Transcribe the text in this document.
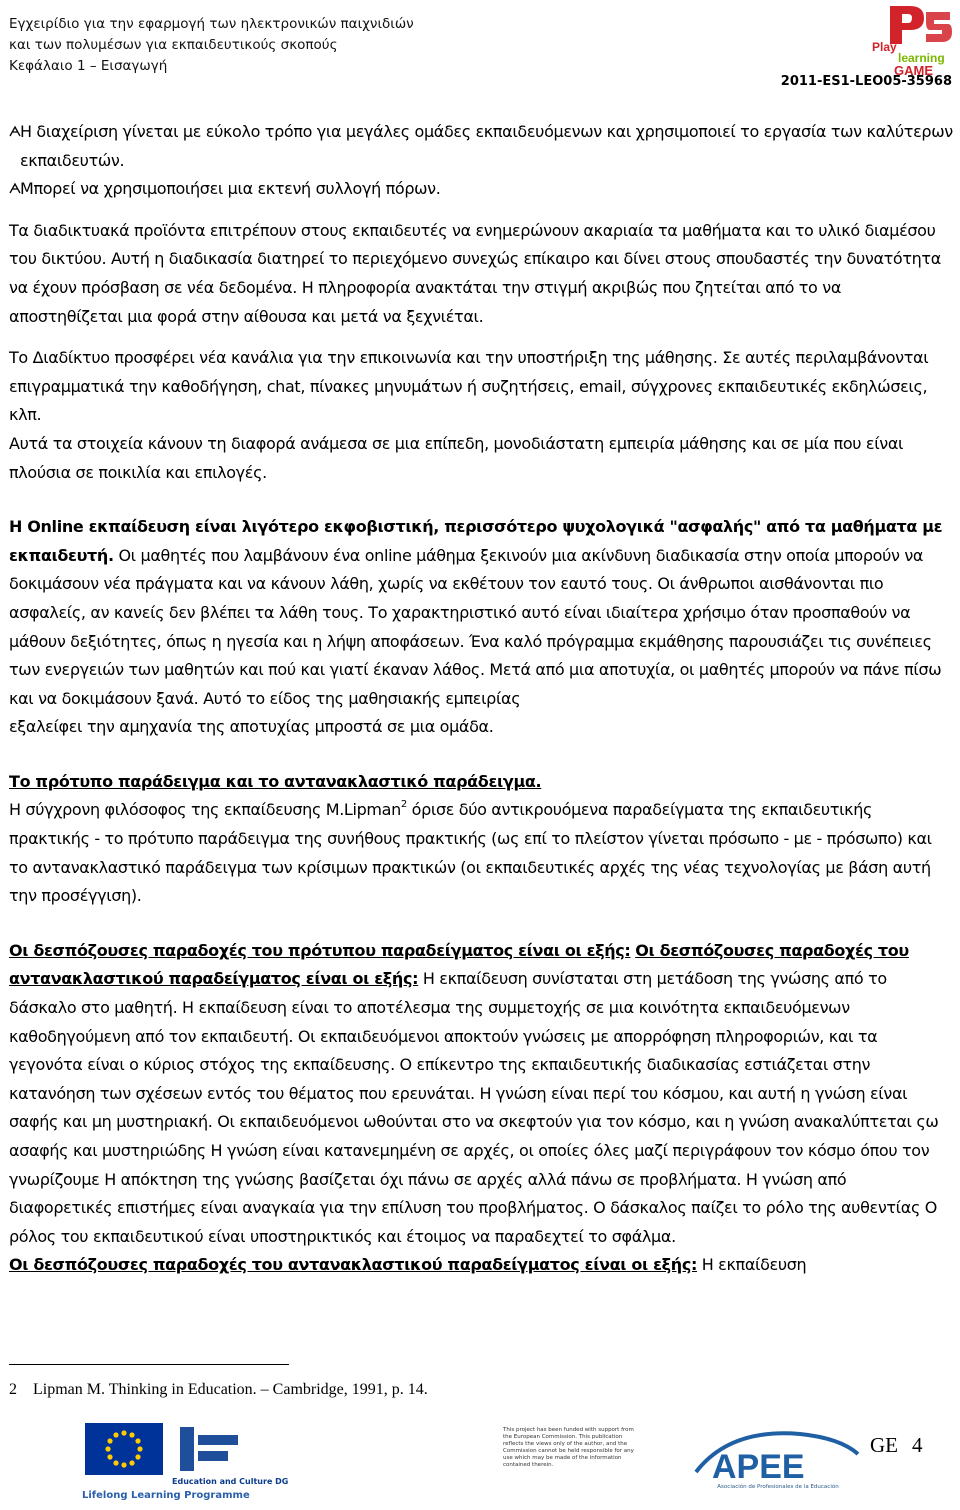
Εγχειρίδιο για την εφαρμογή των ηλεκτρονικών παιχνιδιών
και των πολυμέσων για εκπαιδευτικούς σκοπούς
Κεφάλαιο 1 – Εισαγωγή
Play
learning
GAME
2011-ES1-LEO05-35968
Η διαχείριση γίνεται με εύκολο τρόπο για μεγάλες ομάδες εκπαιδευόμενων και χρησιμοποιεί το εργασία των καλύτερων εκπαιδευτών.
Μπορεί να χρησιμοποιήσει μια εκτενή συλλογή πόρων.

Τα διαδικτυακά προϊόντα επιτρέπουν στους εκπαιδευτές να ενημερώνουν ακαριαία τα μαθήματα και το υλικό διαμέσου του δικτύου. Αυτή η διαδικασία διατηρεί το περιεχόμενο συνεχώς επίκαιρο και δίνει στους σπουδαστές την δυνατότητα να έχουν πρόσβαση σε νέα δεδομένα. Η πληροφορία ανακτάται την στιγμή ακριβώς που ζητείται από το να αποστηθίζεται μια φορά στην αίθουσα και μετά να ξεχνιέται.

Το Διαδίκτυο προσφέρει νέα κανάλια για την επικοινωνία και την υποστήριξη της μάθησης. Σε αυτές περιλαμβάνονται επιγραμματικά την καθοδήγηση, chat, πίνακες μηνυμάτων ή συζητήσεις, email, σύγχρονες εκπαιδευτικές εκδηλώσεις, κλπ.

Αυτά τα στοιχεία κάνουν τη διαφορά ανάμεσα σε μια επίπεδη, μονοδιάστατη εμπειρία μάθησης και σε μία που είναι πλούσια σε ποικιλία και επιλογές.

Η Online εκπαίδευση είναι λιγότερο εκφοβιστική, περισσότερο ψυχολογικά "ασφαλής" από τα μαθήματα με εκπαιδευτή. Οι μαθητές που λαμβάνουν ένα online μάθημα ξεκινούν μια ακίνδυνη διαδικασία στην οποία μπορούν να δοκιμάσουν νέα πράγματα και να κάνουν λάθη, χωρίς να εκθέτουν τον εαυτό τους. Οι άνθρωποι αισθάνονται πιο ασφαλείς, αν κανείς δεν βλέπει τα λάθη τους. Το χαρακτηριστικό αυτό είναι ιδιαίτερα χρήσιμο όταν προσπαθούν να μάθουν δεξιότητες, όπως η ηγεσία και η λήψη αποφάσεων. Ένα καλό πρόγραμμα εκμάθησης παρουσιάζει τις συνέπειες των ενεργειών των μαθητών και πού και γιατί έκαναν λάθος. Μετά από μια αποτυχία, οι μαθητές μπορούν να πάνε πίσω και να δοκιμάσουν ξανά. Αυτό το είδος της μαθησιακής εμπειρίας

εξαλείφει την αμηχανία της αποτυχίας μπροστά σε μια ομάδα.

Το πρότυπο παράδειγμα και το αντανακλαστικό παράδειγμα.

Η σύγχρονη φιλόσοφος της εκπαίδευσης Μ.Lipman$^2$ όρισε δύο αντικρουόμενα παραδείγματα της εκπαιδευτικής πρακτικής - το πρότυπο παράδειγμα της συνήθους πρακτικής (ως επί το πλείστον γίνεται πρόσωπο - με - πρόσωπο) και το αντανακλαστικό παράδειγμα των κρίσιμων πρακτικών (οι εκπαιδευτικές αρχές της νέας τεχνολογίας με βάση αυτή την προσέγγιση).

Οι δεσπόζουσες παραδοχές του πρότυπου παραδείγματος είναι οι εξής: Οι δεσπόζουσες παραδοχές του αντανακλαστικού παραδείγματος είναι οι εξής: Η εκπαίδευση συνίσταται στη μετάδοση της γνώσης από το δάσκαλο στο μαθητή. Η εκπαίδευση είναι το αποτέλεσμα της συμμετοχής σε μια κοινότητα εκπαιδευόμενων καθοδηγούμενη από τον εκπαιδευτή. Οι εκπαιδευόμενοι αποκτούν γνώσεις με απορρόφηση πληροφοριών, και τα γεγονότα είναι ο κύριος στόχος της εκπαίδευσης. Ο επίκεντρο της εκπαιδευτικής διαδικασίας εστιάζεται στην κατανόηση των σχέσεων εντός του θέματος που ερευνάται. Η γνώση είναι περί του κόσμου, και αυτή η γνώση είναι σαφής και μη μυστηριακή. Οι εκπαιδευόμενοι ωθούνται στο να σκεφτούν για τον κόσμο, και η γνώση ανακαλύπτεται ςω ασαφής και μυστηριώδης Η γνώση είναι κατανεμημένη σε αρχές, οι οποίες όλες μαζί περιγράφουν τον κόσμο όπου τον γνωρίζουμε Η απόκτηση της γνώσης βασίζεται όχι πάνω σε αρχές αλλά πάνω σε προβλήματα. Η γνώση από διαφορετικές επιστήμες είναι αναγκαία για την επίλυση του προβλήματος. Ο δάσκαλος παίζει το ρόλο της αυθεντίας Ο ρόλος του εκπαιδευτικού είναι υποστηρικτικός και έτοιμος να παραδεχτεί το σφάλμα.

Οι δεσπόζουσες παραδοχές του αντανακλαστικού παραδείγματος είναι οι εξής: Η εκπαίδευση

2 Lipman M. Thinking in Education. – Cambridge, 1991, p. 14.
Education and Culture DG
Lifelong Learning Programme
This project has been funded with support from the European Commission. This publication reflects the views only of the author, and the Commission cannot be held responsible for any use which may be made of the information contained therein.	APEE
Asociación de Profesionales de la Educación
GE 4
